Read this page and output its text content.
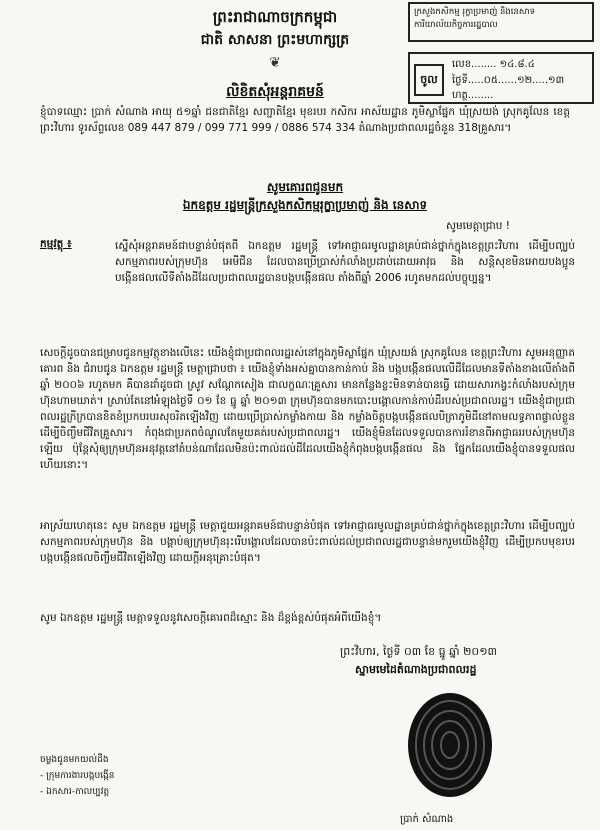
ព្រះរាជាណាចក្រកម្ពុជា
ជាតិ សាសនា ព្រះមហាក្សត្រ
❦
ក្រសួងកសិកម្ម រុក្ខាប្រមាញ់ និងនេសាទ
ការិយាល័យកិច្ចការរដ្ឋបាល
ចូល
លេខ........ ១៤.៨.៤
ថ្ងៃទី.....០៥......១២.....១៣
ហត្ថ........
លិខិតសុំអន្តរាគមន៍
ខ្ញុំបាទឈ្មោះ ប្រាក់ សំណាង អាយុ ៥១ឆ្នាំ ជនជាតិខ្មែរ សញ្ជាតិខ្មែរ មុខរបរ កសិករ អាស័យដ្ឋាន ភូមិស្លាផ្នែក ឃុំស្រយង់ ស្រុកគូលែន ខេត្តព្រះវិហារ ទូរស័ព្ទលេខ 089 447 879 / 099 771 999 / 0886 574 334 តំណាងប្រជាពលរដ្ឋចំនួន 318គ្រួសារ។
សូមគោរពជូនមក
ឯកឧត្តម រដ្ឋមន្ត្រីក្រសួងកសិកម្មរុក្ខាប្រមាញ់ និង នេសាទ
សូមមេត្តាជ្រាប !
កម្មវត្ថុ ៖	ស្នើសុំអន្តរាគមន៍ជាបន្ទាន់បំផុតពី ឯកឧត្តម រដ្ឋមន្ត្រី ទៅអាជ្ញាធរមូលដ្ឋានគ្រប់ជាន់ថ្នាក់ក្នុងខេត្តព្រះវិហារ ដើម្បីបញ្ឈប់សកម្មភាពរបស់ក្រុមហ៊ុន អេមីជីន ដែលបានប្រើប្រាស់កំលាំងប្រដាប់ដោយអាវុធ និង សន្តិសុខមិនអោយបងប្អូនបង្កើនផលលើទីតាំងដីដែលប្រជាពលរដ្ឋបានបង្កបង្កើនផល តាំងពីឆ្នាំ 2006 រហូតមកដល់បច្ចុប្បន្ន។
សេចក្តីដូចបានជម្រាបជូនកម្មវត្ថុខាងលើនេះ យើងខ្ញុំជាប្រជាពលរដ្ឋរស់នៅក្នុងភូមិស្លាផ្នែក ឃុំស្រយង់ ស្រុកគូលែន ខេត្តព្រះវិហារ សូមអនុញ្ញាតគោរព និង ជំរាបជូន ឯកឧត្តម រដ្ឋមន្ត្រី មេត្តាជ្រាបថា ៖ យើងខ្ញុំទាំងអស់គ្នាបានកាន់កាប់ និង បង្កបង្កើនផលលើដីដែលមានទីតាំងខាងលើតាំងពីឆ្នាំ ២០០៦ រហូតមក គឺបានដាំដូចជា ស្រូវ សណ្តែកសៀង ជាលក្ខណៈគ្រួសារ មានកន្លែងខ្លះមិនទាន់បានធ្វើ ដោយសារកង្វះកំលាំងរបស់ក្រុមហ៊ុនហាមឃាត់។ ស្រាប់តែនៅអំឡុងថ្ងៃទី ០១ ខែ ធ្នូ ឆ្នាំ ២០១៣ ក្រុមហ៊ុនបានមកបោះបង្គោលកាន់កាប់ដីរបស់ប្រជាពលរដ្ឋ។ យើងខ្ញុំជាប្រជាពលរដ្ឋក្រីក្របានខិតខំប្រកបរបរសុចរិតឡើងវិញ ដោយប្រើប្រាស់កម្លាំងកាយ និង កម្លាំងចិត្តបង្កបង្កើនផលបិត្រាភូមិដីនៅតាមលទ្ធភាពផ្ទាល់ខ្លួនដើម្បីចិញ្ចឹមជីវិតគ្រួសារ។ កំពុងជាប្រភពចំណូលតែមួយគត់របស់ប្រជាពលរដ្ឋ។ យើងខ្ញុំមិនដែលទទួលបានការរំខានពីអាជ្ញាធររបស់ក្រុមហ៊ុនឡើយ ប៉ុន្តែសុំឲ្យក្រុមហ៊ុនអនុវត្តនៅតំបន់ណាដែលមិនប៉ះពាល់ដល់ដីដែលយើងខ្ញុំកំពុងបង្កបង្កើនផល និង ផ្នែកដែលយើងខ្ញុំបានទទួលផលហើយនោះ។
អាស្រ័យហេតុនេះ សូម ឯកឧត្តម រដ្ឋមន្ត្រី មេត្តាជួយអន្តរាគមន៍ជាបន្ទាន់បំផុត ទៅអាជ្ញាធរមូលដ្ឋានគ្រប់ជាន់ថ្នាក់ក្នុងខេត្តព្រះវិហារ ដើម្បីបញ្ឈប់សកម្មភាពរបស់ក្រុមហ៊ុន និង បង្គាប់ឲ្យក្រុមហ៊ុនរុះរើបង្គោលដែលបានប៉ះពាល់ដល់ប្រជាពលរដ្ឋជាបន្ទាន់មករួមយើងខ្ញុំវិញ ដើម្បីប្រកបមុខរបរ បង្កបង្កើនផលចិញ្ចឹមជីវិតឡើងវិញ ដោយក្តីអនុគ្រោះបំផុត។
សូម ឯកឧត្តម រដ្ឋមន្ត្រី មេត្តាទទួលនូវសេចក្តីគោរពដ៏ស្មោះ និង ដ៏ខ្ពង់ខ្ពស់បំផុតអំពីយើងខ្ញុំ។
ព្រះវិហារ, ថ្ងៃទី ០៣ ខែ ធ្នូ ឆ្នាំ ២០១៣
ស្នាមមេដៃតំណាងប្រជាពលរដ្ឋ
ប្រាក់ សំណាង
ចម្លងជូនមកយល់ដឹង
- ក្រុមការងារបង្កបង្កើន
- ឯកសារ-កាលប្បវត្ត
